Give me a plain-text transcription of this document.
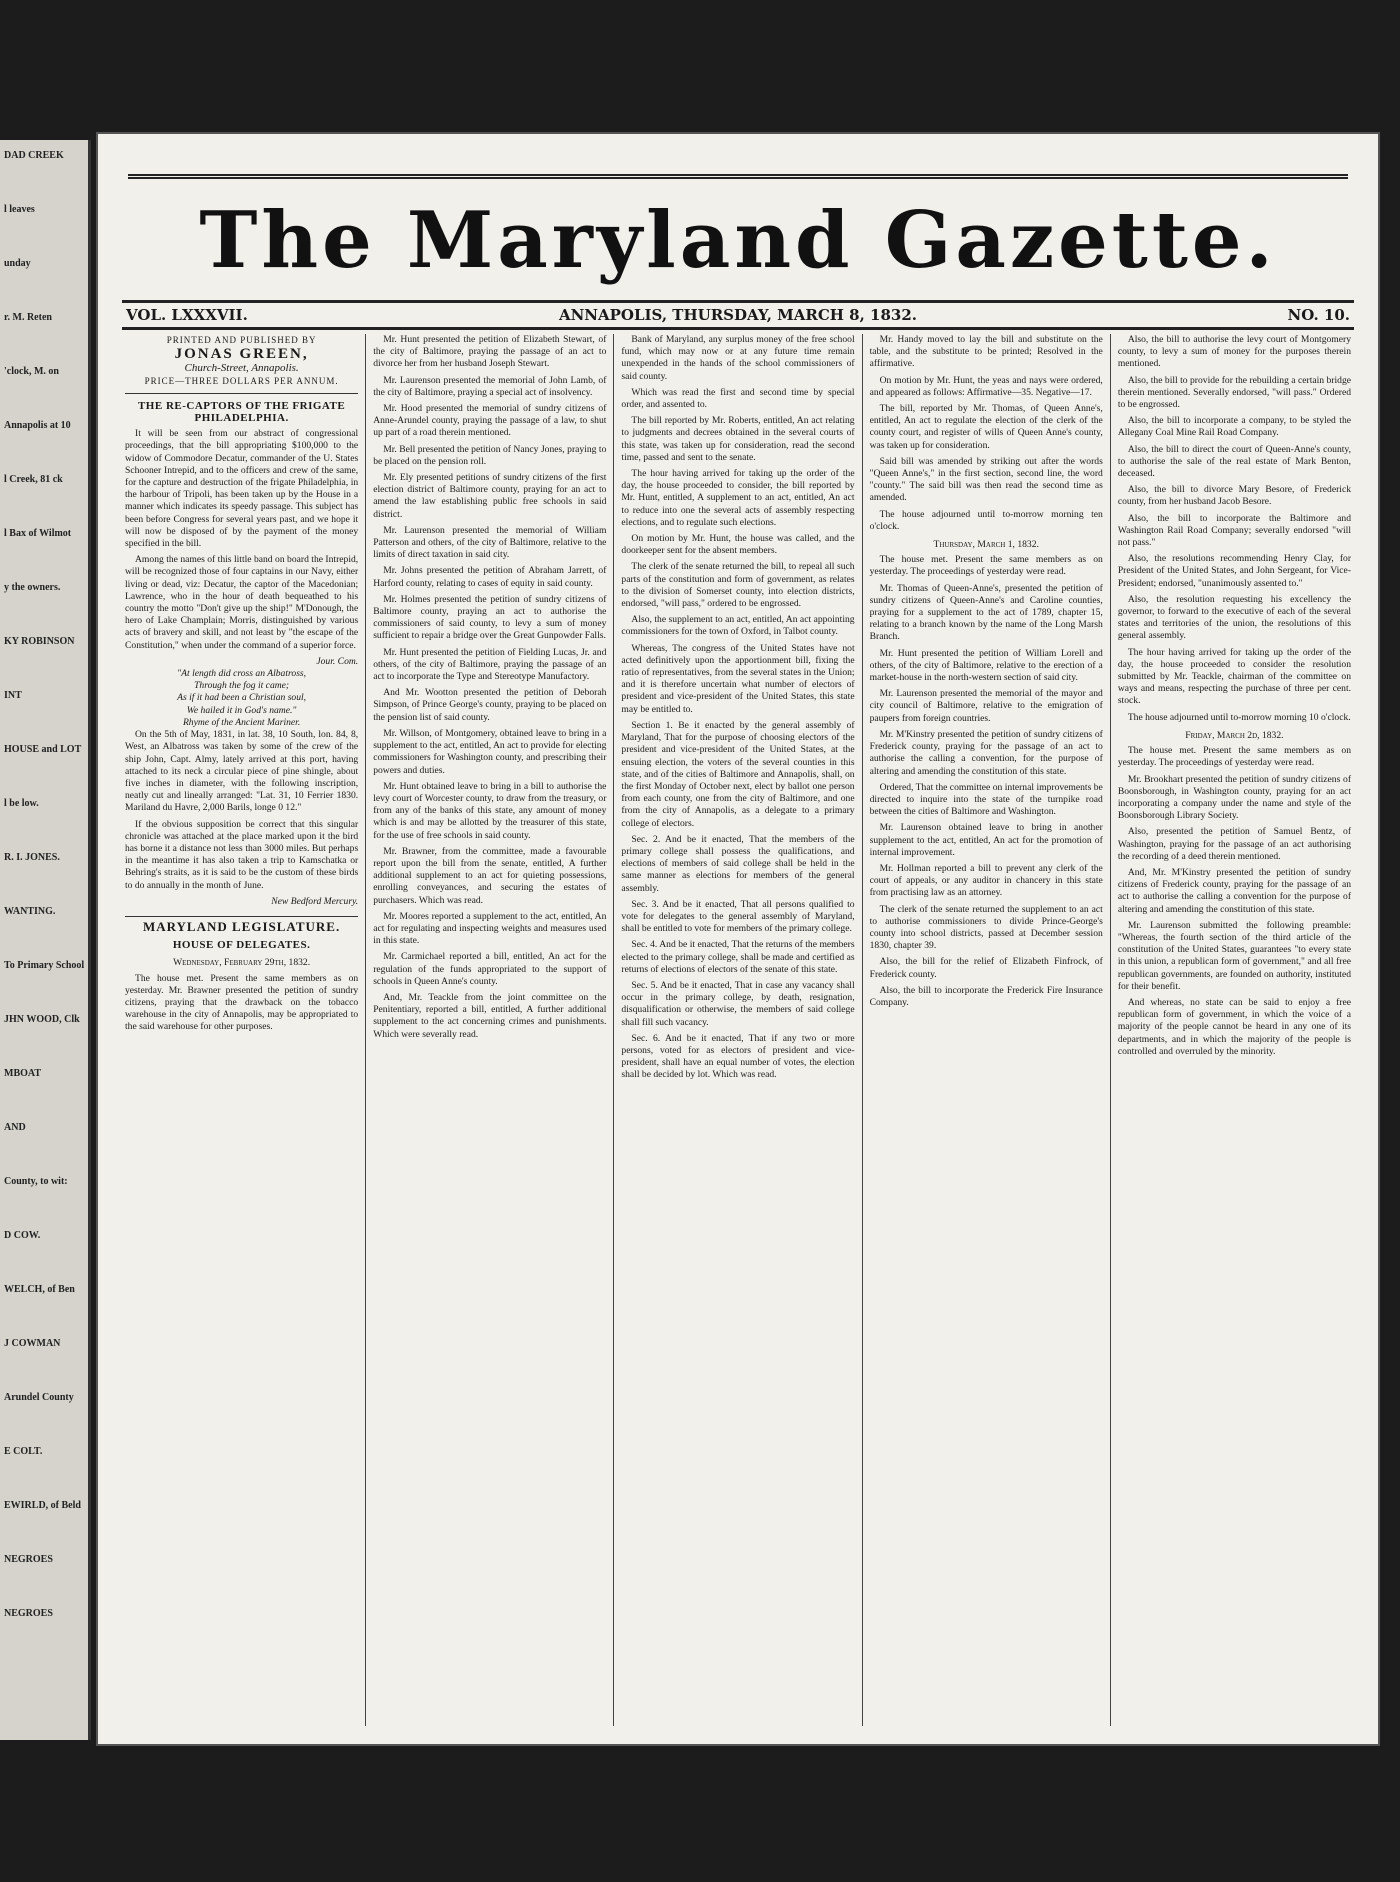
DAD CREEK
l leaves
unday
r. M. Reten
'clock, M. on
Annapolis at 10
l Creek, 81 ck
l Bax of Wilmot
y the owners.
KY ROBINSON
INT
HOUSE and LOT
l be low.
R. I. JONES.
WANTING.
To Primary School
JHN WOOD, Clk
MBOAT
AND
County, to wit:
D COW.
WELCH, of Ben
J COWMAN
Arundel County
E COLT.
EWIRLD, of Beld
NEGROES
NEGROES
The Maryland Gazette.
VOL. LXXXVII.	ANNAPOLIS, THURSDAY, MARCH 8, 1832.	NO. 10.
PRINTED AND PUBLISHED BY
JONAS GREEN,
Church-Street, Annapolis.
PRICE—THREE DOLLARS PER ANNUM.
THE RE-CAPTORS OF THE FRIGATE PHILADELPHIA.

It will be seen from our abstract of congressional proceedings, that the bill appropriating $100,000 to the widow of Commodore Decatur, commander of the U. States Schooner Intrepid, and to the officers and crew of the same, for the capture and destruction of the frigate Philadelphia, in the harbour of Tripoli, has been taken up by the House in a manner which indicates its speedy passage. This subject has been before Congress for several years past, and we hope it will now be disposed of by the payment of the money specified in the bill.

Among the names of this little band on board the Intrepid, will be recognized those of four captains in our Navy, either living or dead, viz: Decatur, the captor of the Macedonian; Lawrence, who in the hour of death bequeathed to his country the motto "Don't give up the ship!" M'Donough, the hero of Lake Champlain; Morris, distinguished by various acts of bravery and skill, and not least by "the escape of the Constitution," when under the command of a superior force.

Jour. Com.
"At length did cross an Albatross,
Through the fog it came;
As if it had been a Christian soul,
We hailed it in God's name."
Rhyme of the Ancient Mariner.

On the 5th of May, 1831, in lat. 38, 10 South, lon. 84, 8, West, an Albatross was taken by some of the crew of the ship John, Capt. Almy, lately arrived at this port, having attached to its neck a circular piece of pine shingle, about five inches in diameter, with the following inscription, neatly cut and lineally arranged: "Lat. 31, 10 Ferrier 1830. Mariland du Havre, 2,000 Barils, longe 0 12."

If the obvious supposition be correct that this singular chronicle was attached at the place marked upon it the bird has borne it a distance not less than 3000 miles. But perhaps in the meantime it has also taken a trip to Kamschatka or Behring's straits, as it is said to be the custom of these birds to do annually in the month of June.

New Bedford Mercury.
MARYLAND LEGISLATURE.
HOUSE OF DELEGATES.
Wednesday, February 29th, 1832.

The house met. Present the same members as on yesterday. Mr. Brawner presented the petition of sundry citizens, praying that the drawback on the tobacco warehouse in the city of Annapolis, may be appropriated to the said warehouse for other purposes.

Mr. Hunt presented the petition of Elizabeth Stewart, of the city of Baltimore, praying the passage of an act to divorce her from her husband Joseph Stewart.

Mr. Laurenson presented the memorial of John Lamb, of the city of Baltimore, praying a special act of insolvency.

Mr. Hood presented the memorial of sundry citizens of Anne-Arundel county, praying the passage of a law, to shut up part of a road therein mentioned.

Mr. Bell presented the petition of Nancy Jones, praying to be placed on the pension roll.

Mr. Ely presented petitions of sundry citizens of the first election district of Baltimore county, praying for an act to amend the law establishing public free schools in said district.

Mr. Laurenson presented the memorial of William Patterson and others, of the city of Baltimore, relative to the limits of direct taxation in said city.

Mr. Johns presented the petition of Abraham Jarrett, of Harford county, relating to cases of equity in said county.

Mr. Holmes presented the petition of sundry citizens of Baltimore county, praying an act to authorise the commissioners of said county, to levy a sum of money sufficient to repair a bridge over the Great Gunpowder Falls.

Mr. Hunt presented the petition of Fielding Lucas, Jr. and others, of the city of Baltimore, praying the passage of an act to incorporate the Type and Stereotype Manufactory.

And Mr. Wootton presented the petition of Deborah Simpson, of Prince George's county, praying to be placed on the pension list of said county.

Mr. Willson, of Montgomery, obtained leave to bring in a supplement to the act, entitled, An act to provide for electing commissioners for Washington county, and prescribing their powers and duties.

Mr. Hunt obtained leave to bring in a bill to authorise the levy court of Worcester county, to draw from the treasury, or from any of the banks of this state, any amount of money which is and may be allotted by the treasurer of this state, for the use of free schools in said county.

Mr. Brawner, from the committee, made a favourable report upon the bill from the senate, entitled, A further additional supplement to an act for quieting possessions, enrolling conveyances, and securing the estates of purchasers. Which was read.

Mr. Moores reported a supplement to the act, entitled, An act for regulating and inspecting weights and measures used in this state.

Mr. Carmichael reported a bill, entitled, An act for the regulation of the funds appropriated to the support of schools in Queen Anne's county.

And, Mr. Teackle from the joint committee on the Penitentiary, reported a bill, entitled, A further additional supplement to the act concerning crimes and punishments. Which were severally read.

Bank of Maryland, any surplus money of the free school fund, which may now or at any future time remain unexpended in the hands of the school commissioners of said county.

Which was read the first and second time by special order, and assented to.

The bill reported by Mr. Roberts, entitled, An act relating to judgments and decrees obtained in the several courts of this state, was taken up for consideration, read the second time, passed and sent to the senate.

The hour having arrived for taking up the order of the day, the house proceeded to consider, the bill reported by Mr. Hunt, entitled, A supplement to an act, entitled, An act to reduce into one the several acts of assembly respecting elections, and to regulate such elections.

On motion by Mr. Hunt, the house was called, and the doorkeeper sent for the absent members.

The clerk of the senate returned the bill, to repeal all such parts of the constitution and form of government, as relates to the division of Somerset county, into election districts, endorsed, "will pass," ordered to be engrossed.

Also, the supplement to an act, entitled, An act appointing commissioners for the town of Oxford, in Talbot county.

Whereas, The congress of the United States have not acted definitively upon the apportionment bill, fixing the ratio of representatives, from the several states in the Union; and it is therefore uncertain what number of electors of president and vice-president of the United States, this state may be entitled to.

Section 1. Be it enacted by the general assembly of Maryland, That for the purpose of choosing electors of the president and vice-president of the United States, at the ensuing election, the voters of the several counties in this state, and of the cities of Baltimore and Annapolis, shall, on the first Monday of October next, elect by ballot one person from each county, one from the city of Baltimore, and one from the city of Annapolis, as a delegate to a primary college of electors.

Sec. 2. And be it enacted, That the members of the primary college shall possess the qualifications, and elections of members of said college shall be held in the same manner as elections for members of the general assembly.

Sec. 3. And be it enacted, That all persons qualified to vote for delegates to the general assembly of Maryland, shall be entitled to vote for members of the primary college.

Sec. 4. And be it enacted, That the returns of the members elected to the primary college, shall be made and certified as returns of elections of electors of the senate of this state.

Sec. 5. And be it enacted, That in case any vacancy shall occur in the primary college, by death, resignation, disqualification or otherwise, the members of said college shall fill such vacancy.

Sec. 6. And be it enacted, That if any two or more persons, voted for as electors of president and vice-president, shall have an equal number of votes, the election shall be decided by lot. Which was read.

Mr. Handy moved to lay the bill and substitute on the table, and the substitute to be printed; Resolved in the affirmative.

On motion by Mr. Hunt, the yeas and nays were ordered, and appeared as follows: Affirmative—35. Negative—17.

The bill, reported by Mr. Thomas, of Queen Anne's, entitled, An act to regulate the election of the clerk of the county court, and register of wills of Queen Anne's county, was taken up for consideration.

Said bill was amended by striking out after the words "Queen Anne's," in the first section, second line, the word "county." The said bill was then read the second time as amended.

The house adjourned until to-morrow morning ten o'clock.

Thursday, March 1, 1832.

The house met. Present the same members as on yesterday. The proceedings of yesterday were read.

Mr. Thomas of Queen-Anne's, presented the petition of sundry citizens of Queen-Anne's and Caroline counties, praying for a supplement to the act of 1789, chapter 15, relating to a branch known by the name of the Long Marsh Branch.

Mr. Hunt presented the petition of William Lorell and others, of the city of Baltimore, relative to the erection of a market-house in the north-western section of said city.

Mr. Laurenson presented the memorial of the mayor and city council of Baltimore, relative to the emigration of paupers from foreign countries.

Mr. M'Kinstry presented the petition of sundry citizens of Frederick county, praying for the passage of an act to authorise the calling a convention, for the purpose of altering and amending the constitution of this state.

Ordered, That the committee on internal improvements be directed to inquire into the state of the turnpike road between the cities of Baltimore and Washington.

Mr. Laurenson obtained leave to bring in another supplement to the act, entitled, An act for the promotion of internal improvement.

Mr. Hollman reported a bill to prevent any clerk of the court of appeals, or any auditor in chancery in this state from practising law as an attorney.

The clerk of the senate returned the supplement to an act to authorise commissioners to divide Prince-George's county into school districts, passed at December session 1830, chapter 39.

Also, the bill for the relief of Elizabeth Finfrock, of Frederick county.

Also, the bill to incorporate the Frederick Fire Insurance Company.

Also, the bill to authorise the levy court of Montgomery county, to levy a sum of money for the purposes therein mentioned.

Also, the bill to provide for the rebuilding a certain bridge therein mentioned. Severally endorsed, "will pass." Ordered to be engrossed.

Also, the bill to incorporate a company, to be styled the Allegany Coal Mine Rail Road Company.

Also, the bill to direct the court of Queen-Anne's county, to authorise the sale of the real estate of Mark Benton, deceased.

Also, the bill to divorce Mary Besore, of Frederick county, from her husband Jacob Besore.

Also, the bill to incorporate the Baltimore and Washington Rail Road Company; severally endorsed "will not pass."

Also, the resolutions recommending Henry Clay, for President of the United States, and John Sergeant, for Vice-President; endorsed, "unanimously assented to."

Also, the resolution requesting his excellency the governor, to forward to the executive of each of the several states and territories of the union, the resolutions of this general assembly.

The hour having arrived for taking up the order of the day, the house proceeded to consider the resolution submitted by Mr. Teackle, chairman of the committee on ways and means, respecting the purchase of three per cent. stock.

The house adjourned until to-morrow morning 10 o'clock.

Friday, March 2d, 1832.

The house met. Present the same members as on yesterday. The proceedings of yesterday were read.

Mr. Brookhart presented the petition of sundry citizens of Boonsborough, in Washington county, praying for an act incorporating a company under the name and style of the Boonsborough Library Society.

Also, presented the petition of Samuel Bentz, of Washington, praying for the passage of an act authorising the recording of a deed therein mentioned.

And, Mr. M'Kinstry presented the petition of sundry citizens of Frederick county, praying for the passage of an act to authorise the calling a convention for the purpose of altering and amending the constitution of this state.

Mr. Laurenson submitted the following preamble: "Whereas, the fourth section of the third article of the constitution of the United States, guarantees "to every state in this union, a republican form of government," and all free republican governments, are founded on authority, instituted for their benefit.

And whereas, no state can be said to enjoy a free republican form of government, in which the voice of a majority of the people cannot be heard in any one of its departments, and in which the majority of the people is controlled and overruled by the minority.
